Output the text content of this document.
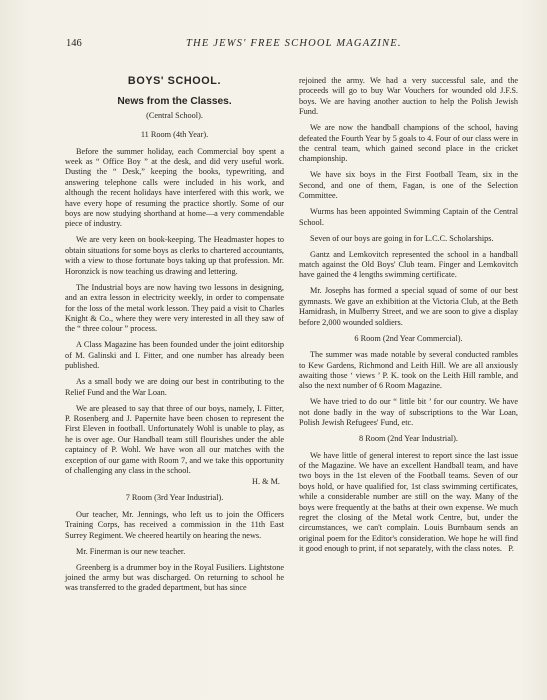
146	THE JEWS' FREE SCHOOL MAGAZINE.
BOYS' SCHOOL.
News from the Classes.
(Central School).
11 Room (4th Year).

Before the summer holiday, each Commercial boy spent a week as “ Office Boy ” at the desk, and did very useful work. Dusting the “ Desk,” keeping the books, typewriting, and answering telephone calls were included in his work, and although the recent holidays have interfered with this work, we have every hope of resuming the practice shortly. Some of our boys are now studying shorthand at home—a very commendable piece of industry.

We are very keen on book-keeping. The Headmaster hopes to obtain situations for some boys as clerks to chartered accountants, with a view to those fortunate boys taking up that profession. Mr. Horonzick is now teaching us drawing and lettering.

The Industrial boys are now having two lessons in designing, and an extra lesson in electricity weekly, in order to compensate for the loss of the metal work lesson. They paid a visit to Charles Knight & Co., where they were very interested in all they saw of the “ three colour ” process.

A Class Magazine has been founded under the joint editorship of M. Galinski and I. Fitter, and one number has already been published.

As a small body we are doing our best in contributing to the Relief Fund and the War Loan.

We are pleased to say that three of our boys, namely, I. Fitter, P. Rosenberg and J. Papernite have been chosen to represent the First Eleven in football. Unfortunately Wohl is unable to play, as he is over age. Our Handball team still flourishes under the able captaincy of P. Wohl. We have won all our matches with the exception of our game with Room 7, and we take this opportunity of challenging any class in the school.

H. & M.
7 Room (3rd Year Industrial).

Our teacher, Mr. Jennings, who left us to join the Officers Training Corps, has received a commission in the 11th East Surrey Regiment. We cheered heartily on hearing the news.

Mr. Finerman is our new teacher.

Greenberg is a drummer boy in the Royal Fusiliers. Lightstone joined the army but was discharged. On returning to school he was transferred to the graded department, but has since

rejoined the army. We had a very successful sale, and the proceeds will go to buy War Vouchers for wounded old J.F.S. boys. We are having another auction to help the Polish Jewish Fund.

We are now the handball champions of the school, having defeated the Fourth Year by 5 goals to 4. Four of our class were in the central team, which gained second place in the cricket championship.

We have six boys in the First Football Team, six in the Second, and one of them, Fagan, is one of the Selection Committee.

Wurms has been appointed Swimming Captain of the Central School.

Seven of our boys are going in for L.C.C. Scholarships.

Gantz and Lemkovitch represented the school in a handball match against the Old Boys' Club team. Finger and Lemkovitch have gained the 4 lengths swimming certificate.

Mr. Josephs has formed a special squad of some of our best gymnasts. We gave an exhibition at the Victoria Club, at the Beth Hamidrash, in Mulberry Street, and we are soon to give a display before 2,000 wounded soldiers.

6 Room (2nd Year Commercial).

The summer was made notable by several conducted rambles to Kew Gardens, Richmond and Leith Hill. We are all anxiously awaiting those ‘ views ’ P. K. took on the Leith Hill ramble, and also the next number of 6 Room Magazine.

We have tried to do our “ little bit ’ for our country. We have not done badly in the way of subscriptions to the War Loan, Polish Jewish Refugees' Fund, etc.

8 Room (2nd Year Industrial).

We have little of general interest to report since the last issue of the Magazine. We have an excellent Handball team, and have two boys in the 1st eleven of the Football teams. Seven of our boys hold, or have qualified for, 1st class swimming certificates, while a considerable number are still on the way. Many of the boys were frequently at the baths at their own expense. We much regret the closing of the Metal work Centre, but, under the circumstances, we can't complain. Louis Burnbaum sends an original poem for the Editor's consideration. We hope he will find it good enough to print, if not separately, with the class notes. P.
